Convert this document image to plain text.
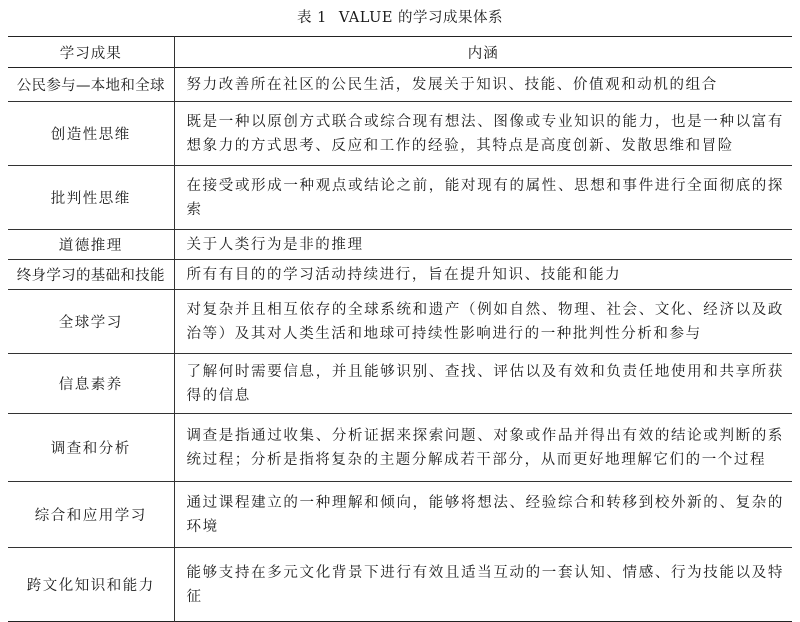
表 1 VALUE 的学习成果体系
学习成果	内涵
公民参与—本地和全球	努力改善所在社区的公民生活，发展关于知识、技能、价值观和动机的组合
创造性思维	既是一种以原创方式联合或综合现有想法、图像或专业知识的能力，也是一种以富有想象力的方式思考、反应和工作的经验，其特点是高度创新、发散思维和冒险
批判性思维	在接受或形成一种观点或结论之前，能对现有的属性、思想和事件进行全面彻底的探索
道德推理	关于人类行为是非的推理
终身学习的基础和技能	所有有目的的学习活动持续进行，旨在提升知识、技能和能力
全球学习	对复杂并且相互依存的全球系统和遗产（例如自然、物理、社会、文化、经济以及政治等）及其对人类生活和地球可持续性影响进行的一种批判性分析和参与
信息素养	了解何时需要信息，并且能够识别、查找、评估以及有效和负责任地使用和共享所获得的信息
调查和分析	调查是指通过收集、分析证据来探索问题、对象或作品并得出有效的结论或判断的系统过程；分析是指将复杂的主题分解成若干部分，从而更好地理解它们的一个过程
综合和应用学习	通过课程建立的一种理解和倾向，能够将想法、经验综合和转移到校外新的、复杂的环境
跨文化知识和能力	能够支持在多元文化背景下进行有效且适当互动的一套认知、情感、行为技能以及特征
